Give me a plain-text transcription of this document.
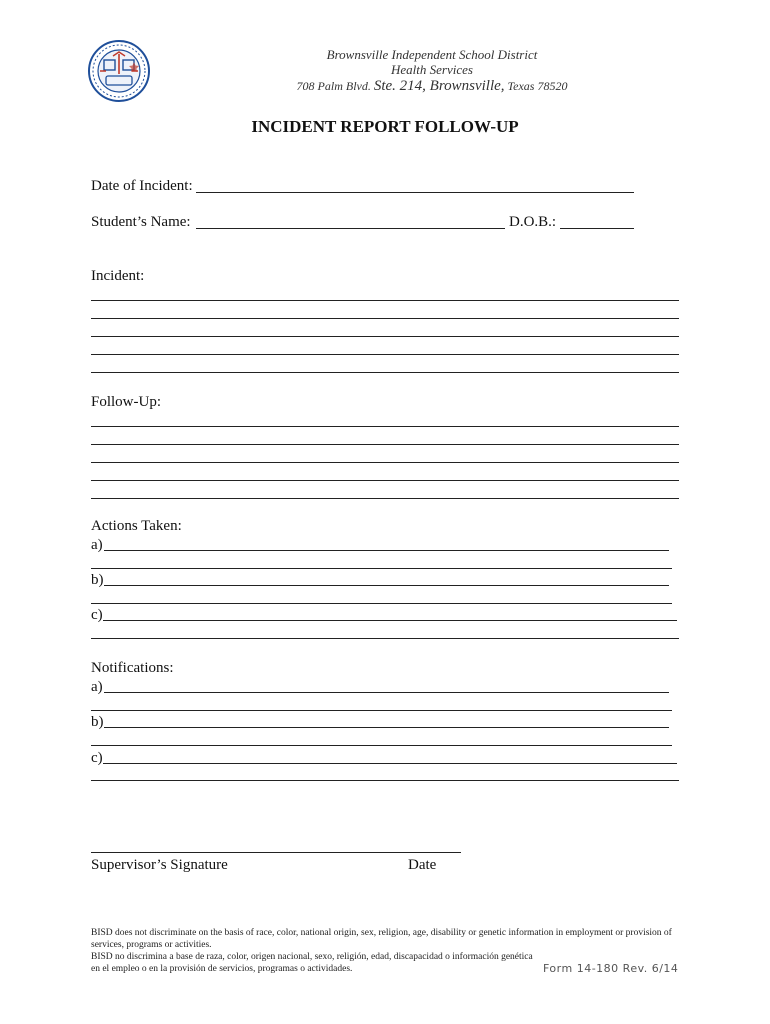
Brownsville Independent School District
Health Services
708 Palm Blvd. Ste. 214, Brownsville, Texas 78520
INCIDENT REPORT FOLLOW-UP
Date of Incident:
Student’s Name:	D.O.B.:
Incident:
Follow-Up:
Actions Taken:
a)
b)
c)
Notifications:
a)
b)
c)
Supervisor’s Signature	Date
BISD does not discriminate on the basis of race, color, national origin, sex, religion, age, disability or genetic information in employment or provision of services, programs or activities.
BISD no discrimina a base de raza, color, origen nacional, sexo, religión, edad, discapacidad o información genética en el empleo o en la provisión de servicios, programas o actividades.	Form 14-180 Rev. 6/14
